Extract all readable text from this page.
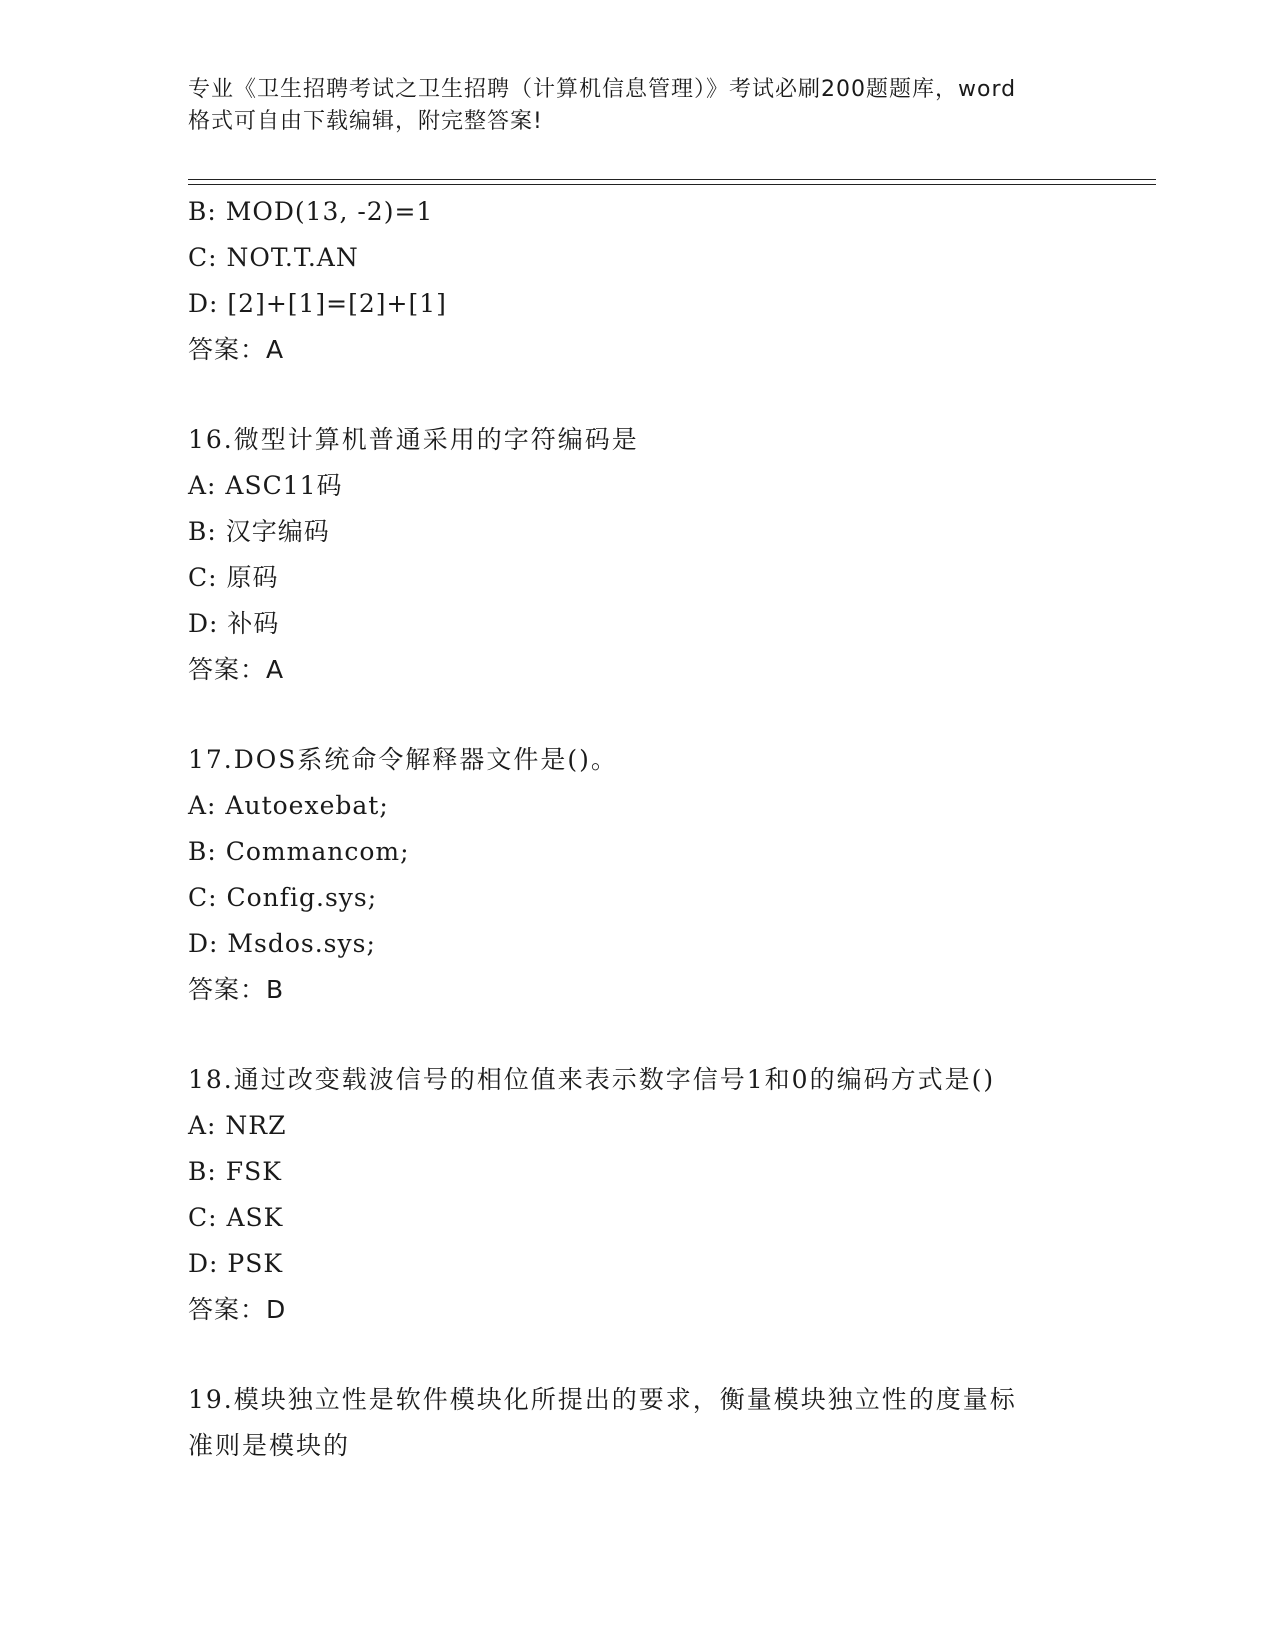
专业《卫生招聘考试之卫生招聘（计算机信息管理）》考试必刷200题题库，word
格式可自由下载编辑，附完整答案!
B: MOD(13, -2)=1
C: NOT.T.AN
D: [2]+[1]=[2]+[1]
答案：A
16.微型计算机普通采用的字符编码是
A: ASC11码
B: 汉字编码
C: 原码
D: 补码
答案：A
17.DOS系统命令解释器文件是()。
A: Autoexebat;
B: Commancom;
C: Config.sys;
D: Msdos.sys;
答案：B
18.通过改变载波信号的相位值来表示数字信号1和0的编码方式是()
A: NRZ
B: FSK
C: ASK
D: PSK
答案：D
19.模块独立性是软件模块化所提出的要求，衡量模块独立性的度量标
准则是模块的
